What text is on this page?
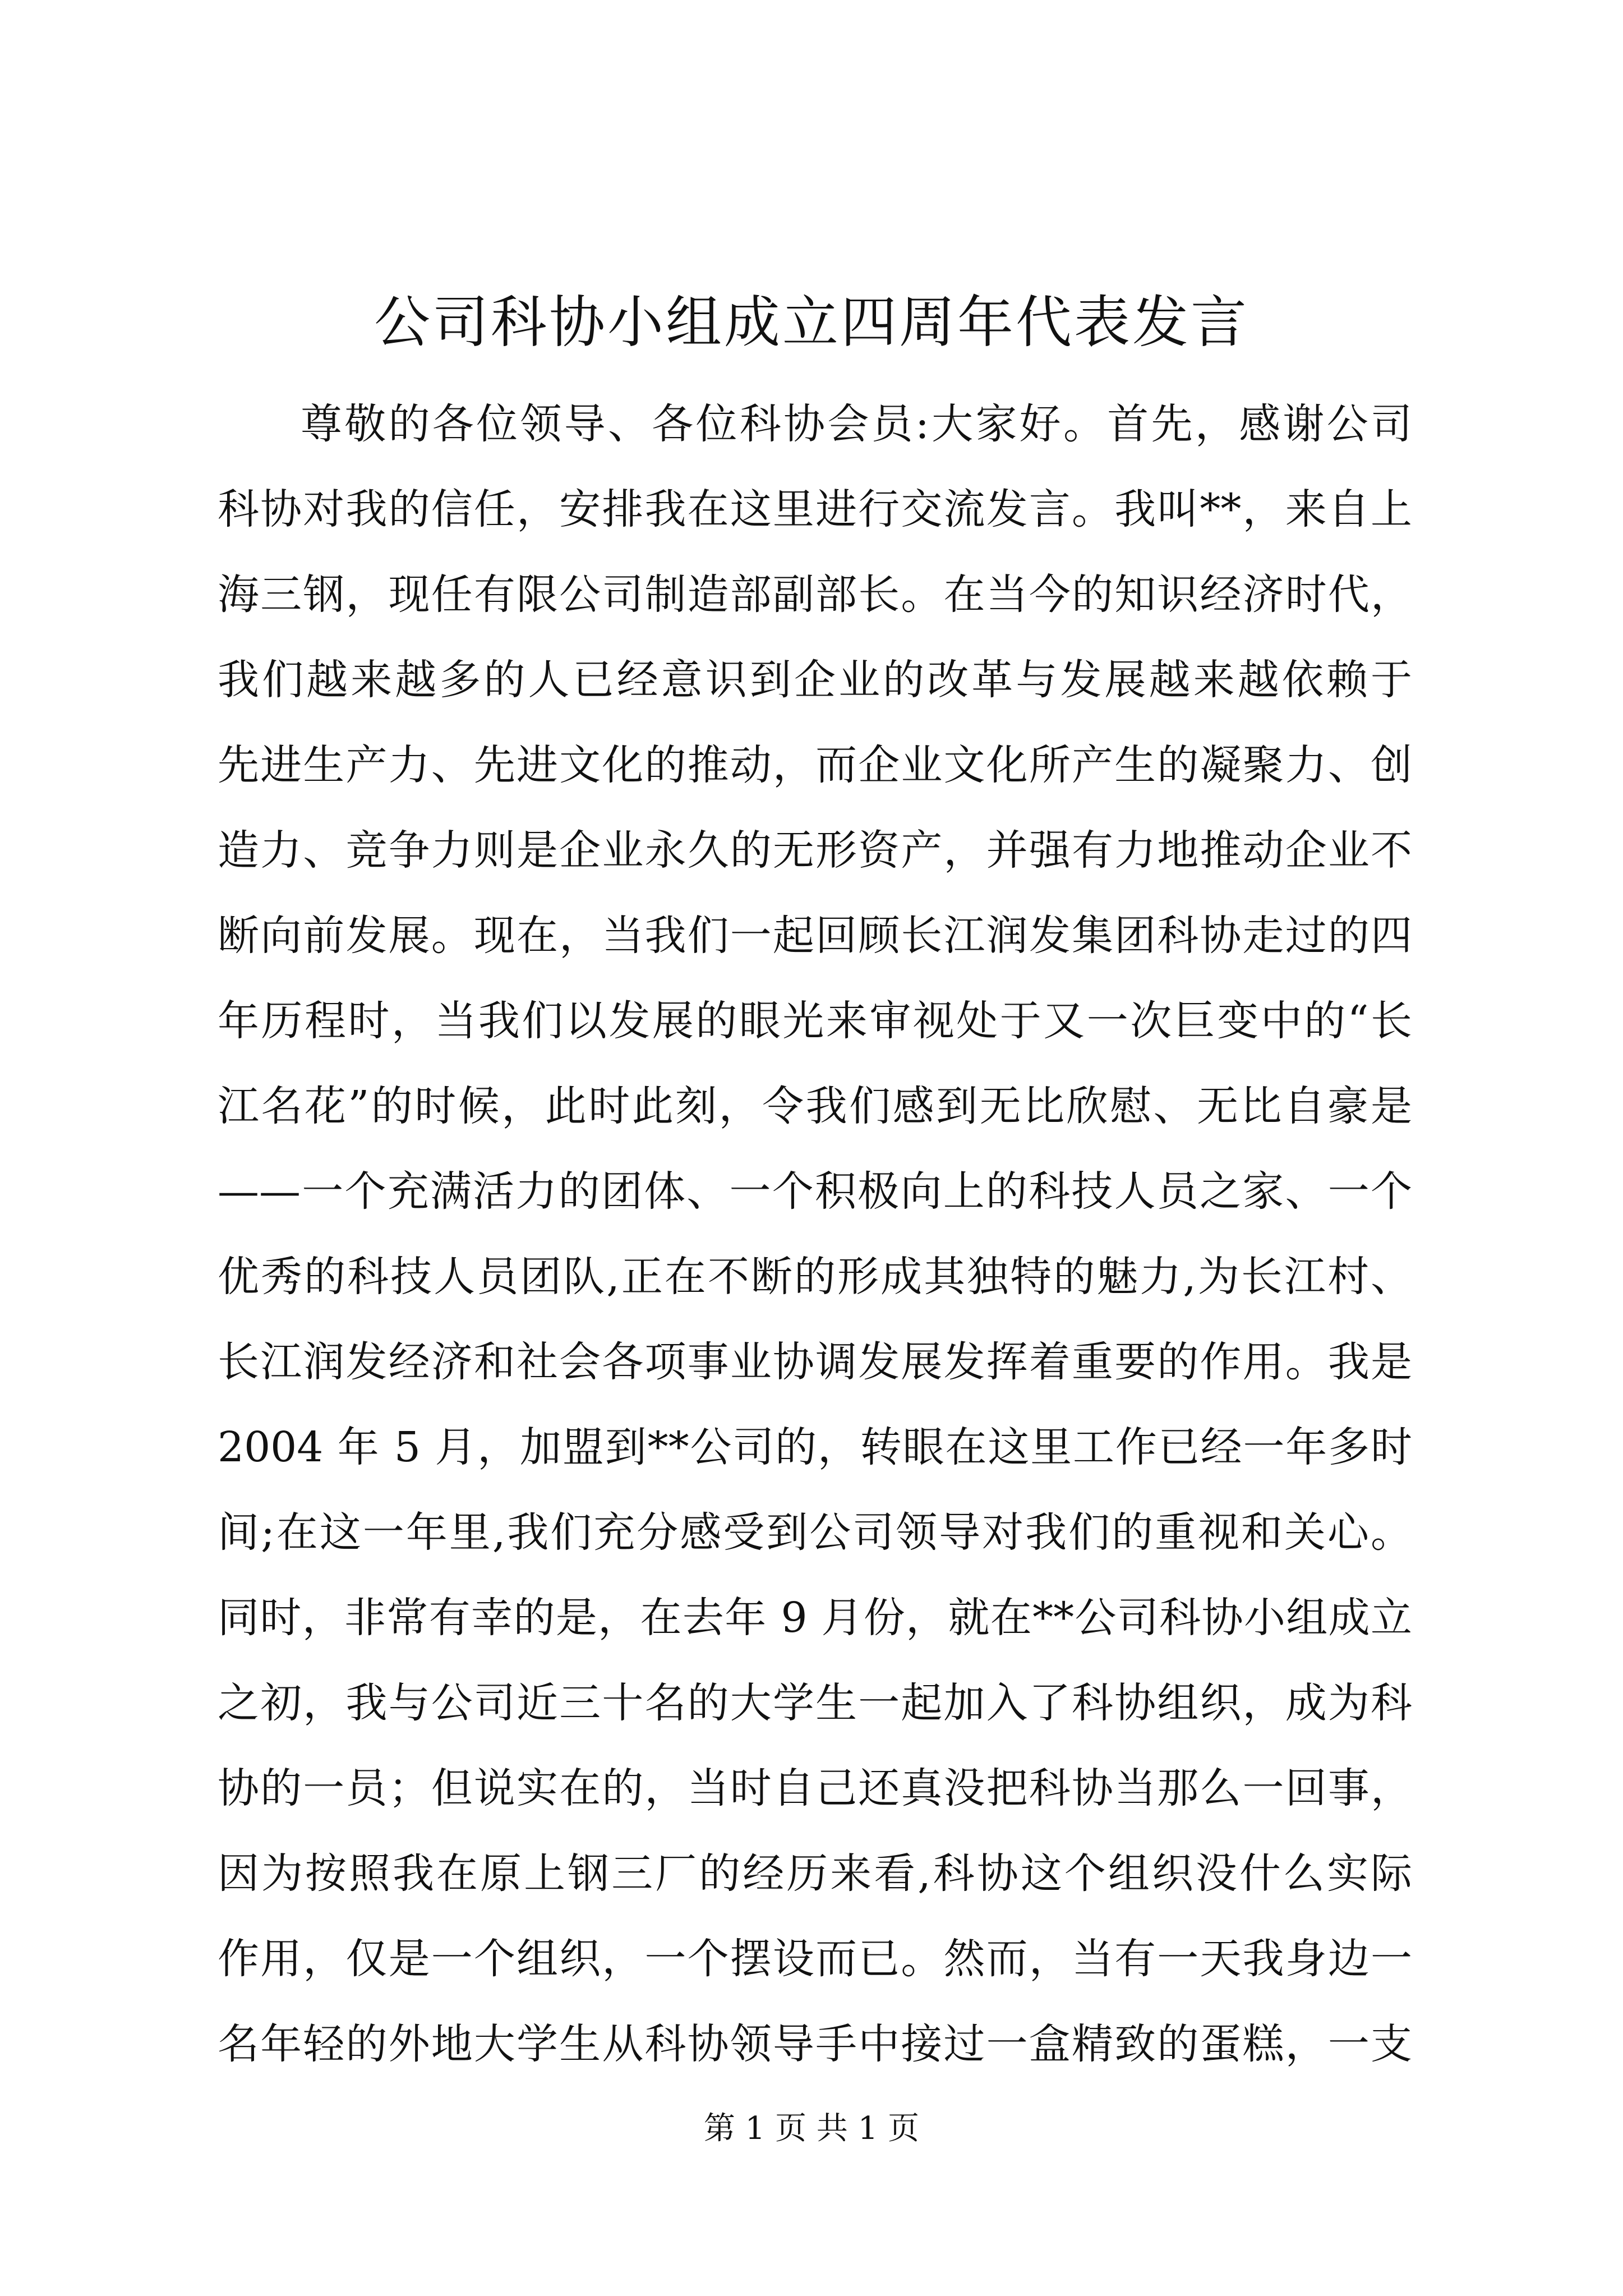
公司科协小组成立四周年代表发言
尊敬的各位领导、各位科协会员:大家好。首先，感谢公司
科协对我的信任，安排我在这里进行交流发言。我叫**，来自上
海三钢，现任有限公司制造部副部长。在当今的知识经济时代，
我们越来越多的人已经意识到企业的改革与发展越来越依赖于
先进生产力、先进文化的推动，而企业文化所产生的凝聚力、创
造力、竞争力则是企业永久的无形资产，并强有力地推动企业不
断向前发展。现在，当我们一起回顾长江润发集团科协走过的四
年历程时，当我们以发展的眼光来审视处于又一次巨变中的“长
江名花”的时候，此时此刻，令我们感到无比欣慰、无比自豪是
——一个充满活力的团体、一个积极向上的科技人员之家、一个
优秀的科技人员团队,正在不断的形成其独特的魅力,为长江村、
长江润发经济和社会各项事业协调发展发挥着重要的作用。我是
2004 年 5 月，加盟到**公司的，转眼在这里工作已经一年多时
间;在这一年里,我们充分感受到公司领导对我们的重视和关心。
同时，非常有幸的是，在去年 9 月份，就在**公司科协小组成立
之初，我与公司近三十名的大学生一起加入了科协组织，成为科
协的一员；但说实在的，当时自己还真没把科协当那么一回事，
因为按照我在原上钢三厂的经历来看,科协这个组织没什么实际
作用，仅是一个组织，一个摆设而已。然而，当有一天我身边一
名年轻的外地大学生从科协领导手中接过一盒精致的蛋糕，一支
第 1 页 共 1 页
